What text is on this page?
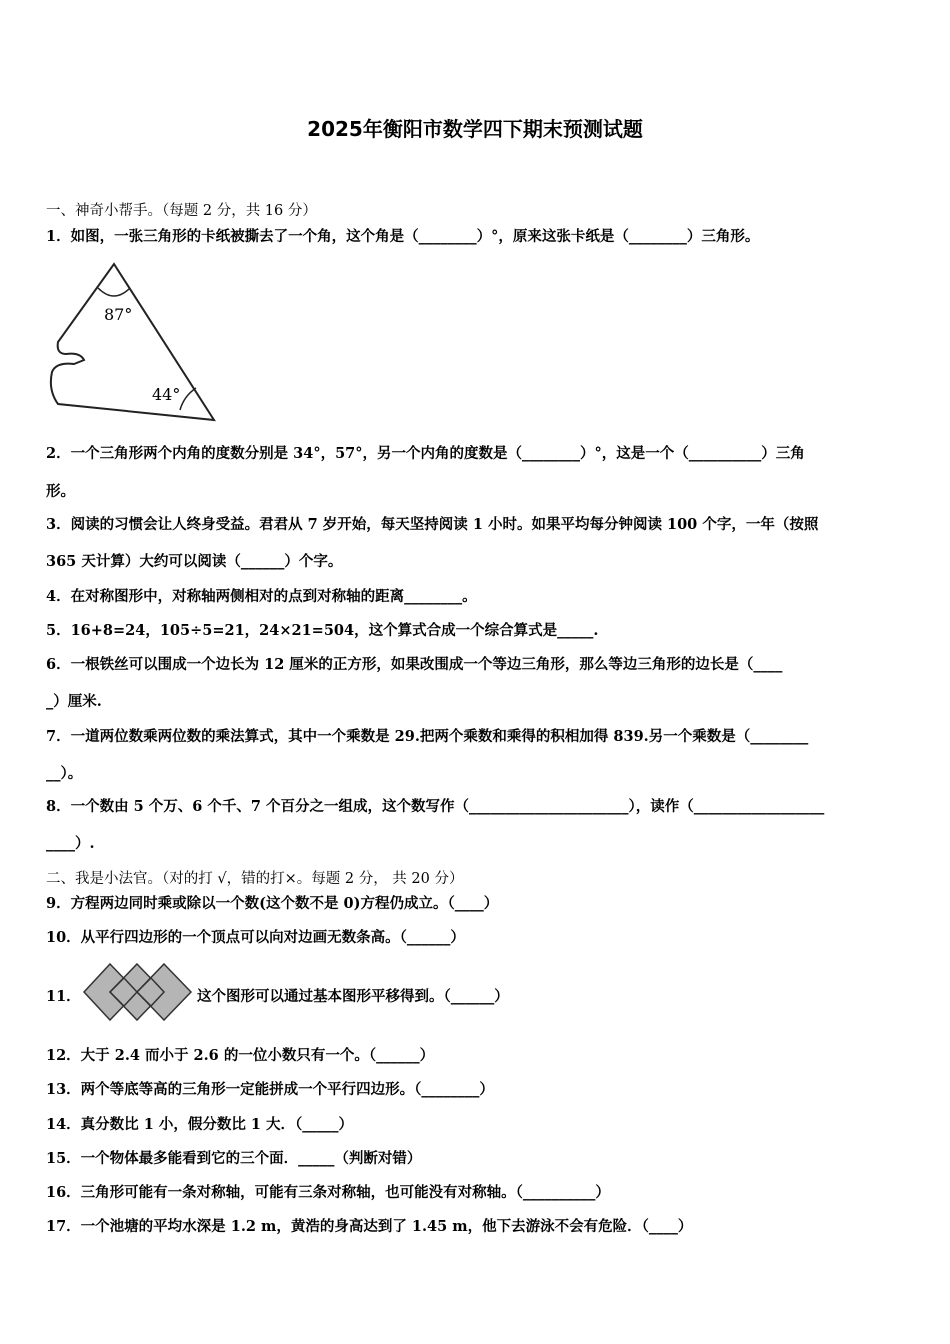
2025年衡阳市数学四下期末预测试题
一、神奇小帮手。（每题 2 分，共 16 分）
1．如图，一张三角形的卡纸被撕去了一个角，这个角是（________）°，原来这张卡纸是（________）三角形。
87°
44°
2．一个三角形两个内角的度数分别是 34°，57°，另一个内角的度数是（________）°，这是一个（__________）三角
形。
3．阅读的习惯会让人终身受益。君君从 7 岁开始，每天坚持阅读 1 小时。如果平均每分钟阅读 100 个字，一年（按照
365 天计算）大约可以阅读（______）个字。
4．在对称图形中，对称轴两侧相对的点到对称轴的距离________。
5．16+8=24，105÷5=21，24×21=504，这个算式合成一个综合算式是_____.
6．一根铁丝可以围成一个边长为 12 厘米的正方形，如果改围成一个等边三角形，那么等边三角形的边长是（____
_）厘米.
7．一道两位数乘两位数的乘法算式，其中一个乘数是 29.把两个乘数和乘得的积相加得 839.另一个乘数是（________
__）。
8．一个数由 5 个万、6 个千、7 个百分之一组成，这个数写作（______________________），读作（__________________
____）.
二、我是小法官。（对的打 √，错的打×。每题 2 分， 共 20 分）
9．方程两边同时乘或除以一个数(这个数不是 0)方程仍成立。（____）
10．从平行四边形的一个顶点可以向对边画无数条高。（______）
11．	这个图形可以通过基本图形平移得到。（______）
12．大于 2.4 而小于 2.6 的一位小数只有一个。（______）
13．两个等底等高的三角形一定能拼成一个平行四边形。（________）
14．真分数比 1 小，假分数比 1 大．（_____）
15．一个物体最多能看到它的三个面．_____（判断对错）
16．三角形可能有一条对称轴，可能有三条对称轴，也可能没有对称轴。（__________）
17．一个池塘的平均水深是 1.2 m，黄浩的身高达到了 1.45 m，他下去游泳不会有危险．（____）
